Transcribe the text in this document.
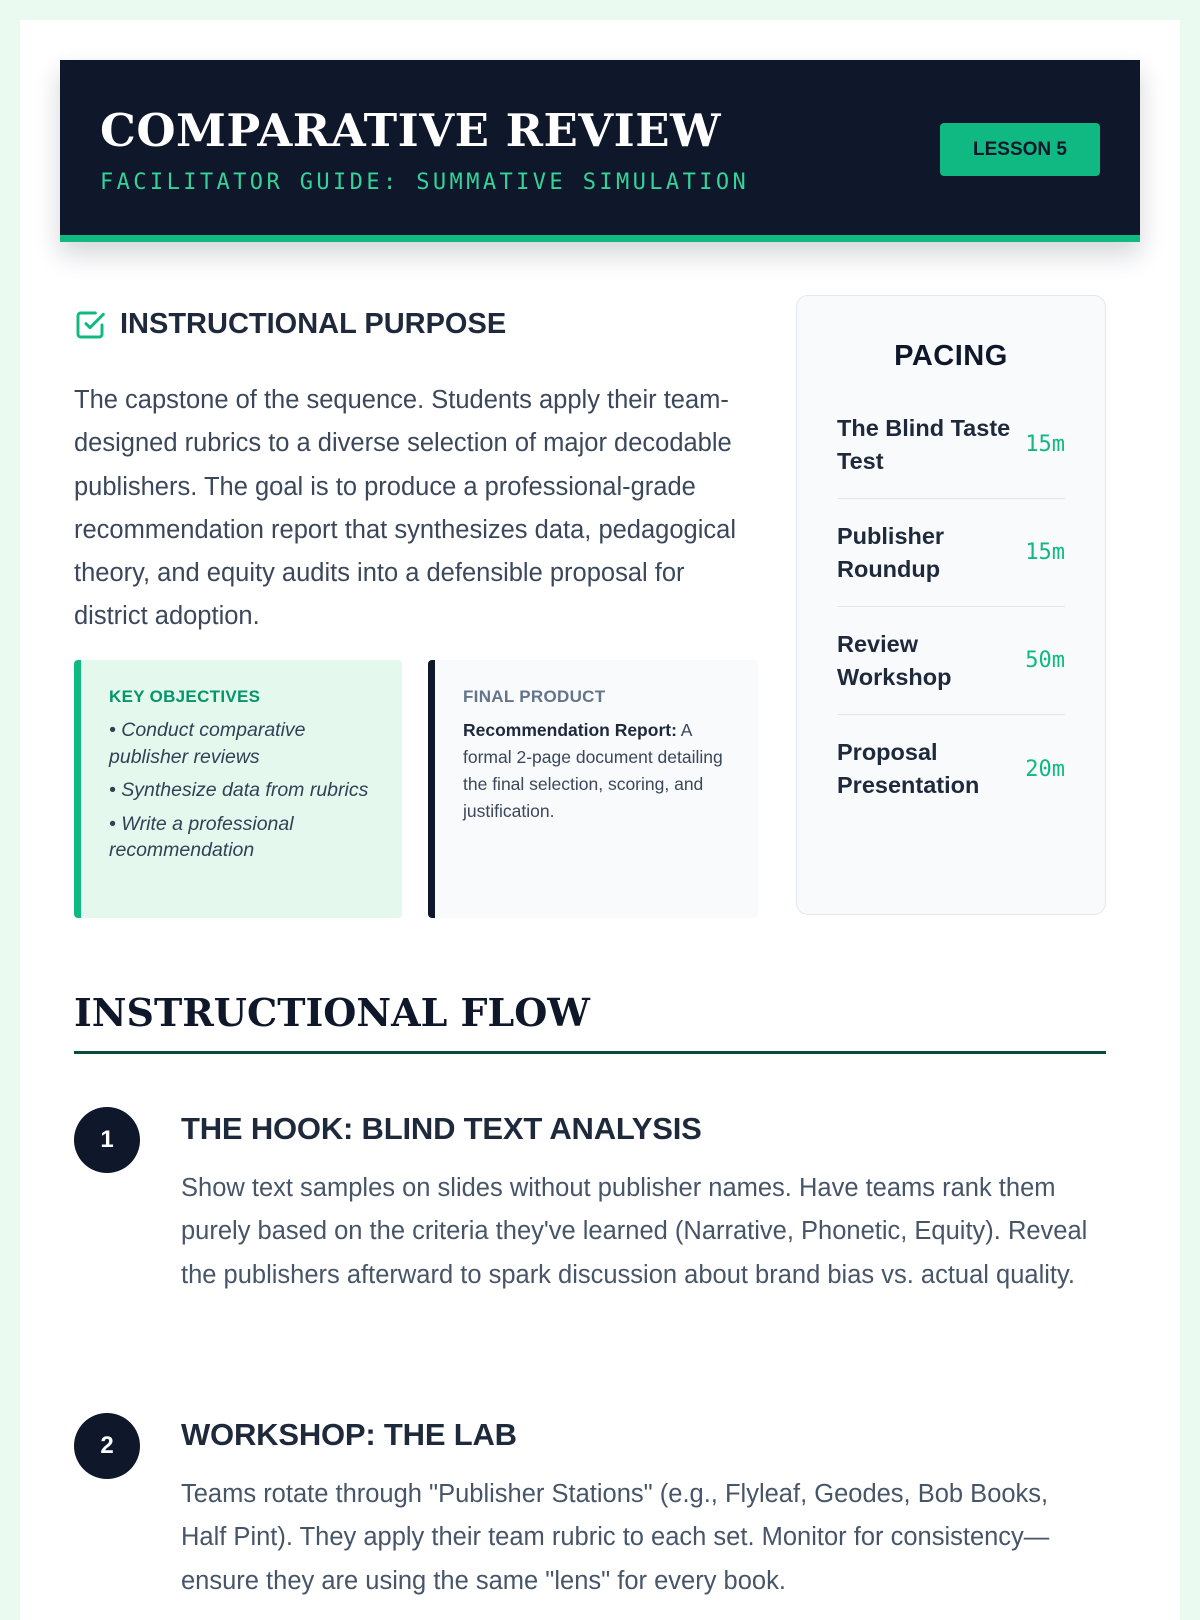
COMPARATIVE REVIEW
FACILITATOR GUIDE: SUMMATIVE SIMULATION
LESSON 5
INSTRUCTIONAL PURPOSE

The capstone of the sequence. Students apply their team-designed rubrics to a diverse selection of major decodable publishers. The goal is to produce a professional-grade recommendation report that synthesizes data, pedagogical theory, and equity audits into a defensible proposal for district adoption.

KEY OBJECTIVES
• Conduct comparative publisher reviews
• Synthesize data from rubrics
• Write a professional recommendation
FINAL PRODUCT

Recommendation Report: A formal 2-page document detailing the final selection, scoring, and justification.

PACING
The Blind Taste Test
15m
Publisher Roundup
15m
Review Workshop
50m
Proposal Presentation
20m
INSTRUCTIONAL FLOW
1	THE HOOK: BLIND TEXT ANALYSIS

Show text samples on slides without publisher names. Have teams rank them purely based on the criteria they've learned (Narrative, Phonetic, Equity). Reveal the publishers afterward to spark discussion about brand bias vs. actual quality.

2	WORKSHOP: THE LAB

Teams rotate through "Publisher Stations" (e.g., Flyleaf, Geodes, Bob Books, Half Pint). They apply their team rubric to each set. Monitor for consistency—ensure they are using the same "lens" for every book.
